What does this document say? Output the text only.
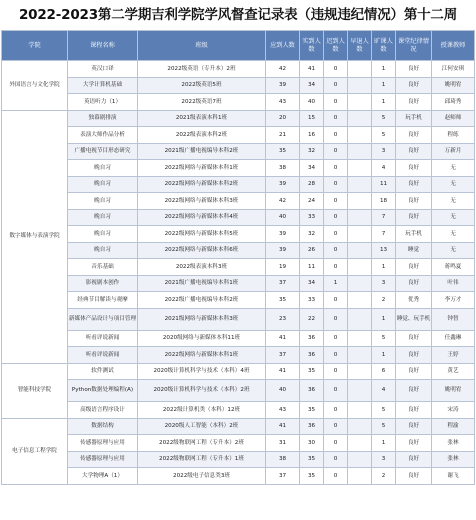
2022-2023第二学期吉利学院学风督查记录表（违规违纪情况）第十二周
学院	课程名称	班级	应到人数	实到人数	迟到人数	早退人数	旷课人数	课堂纪律情况	授课教师
外国语言与文化学院	英汉口译	2022级英语（专升本）2班	42	41	0		1	良好	江何安琪
	大学计算机基础	2022级英语5班	39	34	0		1	良好	姚明宥
	英语听力（1）	2022级英语7班	43	40	0		1	良好	邱琦秀
数字媒体与表演学院	独幕剧排演	2021级表演本科1班	20	15	0		5	玩手机	赵师师
	表演大师作品分析	2022级表演本科2班	21	16	0		5	良好	程练
	广播电视节目形态研究	2021级广播电视编导本科2班	35	32	0		3	良好	万新月
	晚自习	2022级网络与新媒体本科1班	38	34	0		4	良好	无
	晚自习	2022级网络与新媒体本科2班	39	28	0		11	良好	无
	晚自习	2022级网络与新媒体本科3班	42	24	0		18	良好	无
	晚自习	2022级网络与新媒体本科4班	40	33	0		7	良好	无
	晚自习	2022级网络与新媒体本科5班	39	32	0		7	玩手机	无
	晚自习	2022级网络与新媒体本科6班	39	26	0		13	睡觉	无
	音乐基础	2022级表演本科3班	19	11	0		1	良好	蒋鸣夏
	影视剧本创作	2021级广播电视编导本科1班	37	34	1		3	良好	叶伟
	经典节目解读与观摩	2022级广播电视编导本科2班	35	33	0		2	优秀	李万才
	新媒体产品设计与项目管理	2021级网络与新媒体本科3班	23	22	0		1	睡觉、玩手机	钟智
	听看评说新闻	2020级网络与新媒体本科11班	41	36	0		5	良好	任鑫琳
	听看评说新闻	2022级网络与新媒体本科1班	37	36	0		1	良好	王婷
智能科技学院	软件测试	2020级计算机科学与技术（本科）4班	41	35	0		6	良好	黄艺
	Python数据处理编程(A)	2020级计算机科学与技术（本科）2班	40	36	0		4	良好	姚明宥
	高级语言程序设计	2022级计算机类（本科）12班	43	35	0		5	良好	宋涛
电子信息工程学院	数据结构	2020级人工智能（本科）2班	41	36	0		5	良好	程渝
	传感器原理与应用	2022级物联网工程（专升本）2班	31	30	0		1	良好	张林
	传感器原理与应用	2022级物联网工程（专升本）1班	38	35	0		3	良好	张林
	大学物理A（1）	2022级电子信息类3班	37	35	0		2	良好	谢飞
